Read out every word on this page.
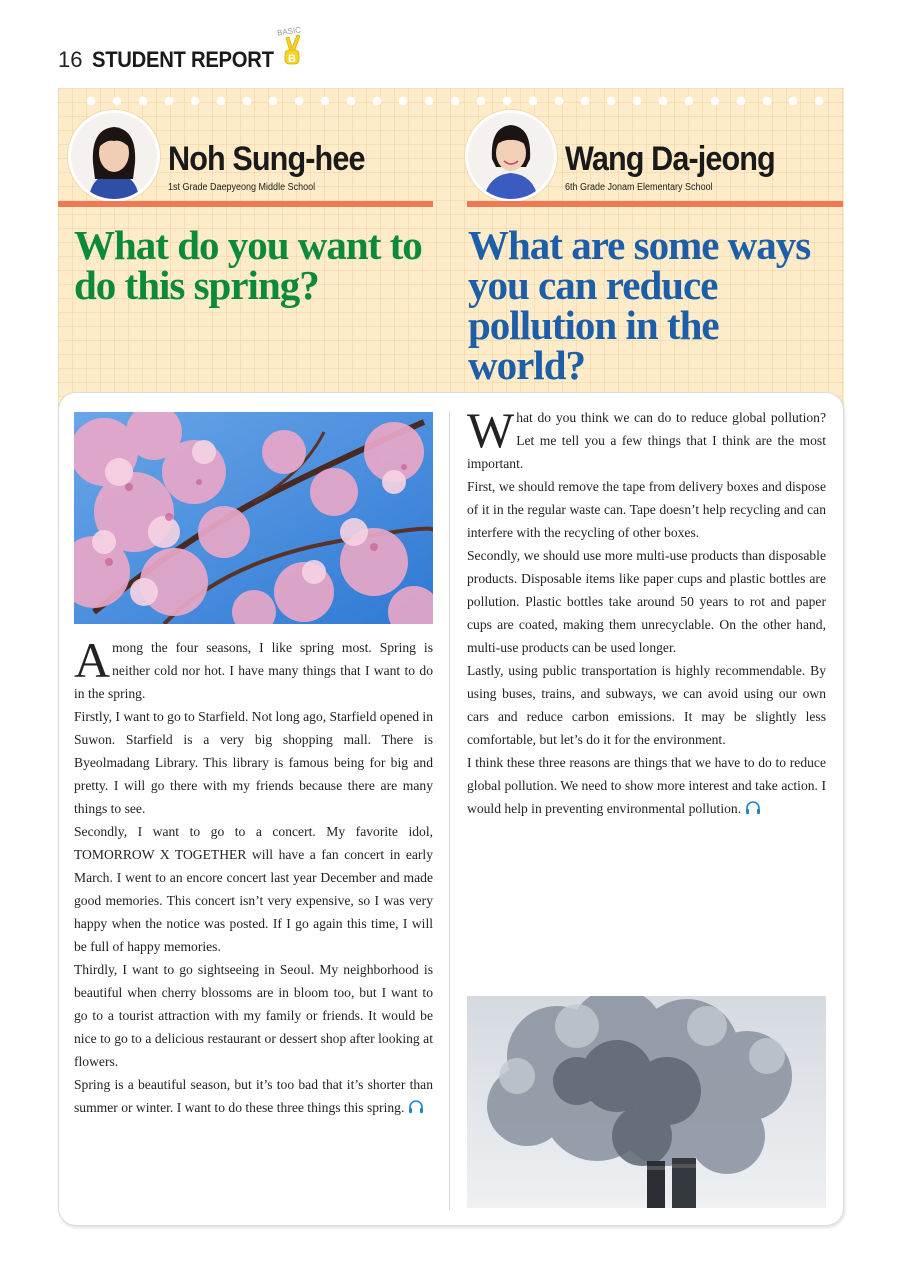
16 STUDENT REPORT
BASIC
B
Noh Sung-hee
1st Grade Daepyeong Middle School
Wang Da-jeong
6th Grade Jonam Elementary School
What do you want to do this spring?
What are some ways you can reduce pollution in the world?

Among the four seasons, I like spring most. Spring is neither cold nor hot. I have many things that I want to do in the spring.

Firstly, I want to go to Starfield. Not long ago, Starfield opened in Suwon. Starfield is a very big shopping mall. There is Byeolmadang Library. This library is famous being for big and pretty. I will go there with my friends because there are many things to see.

Secondly, I want to go to a concert. My favorite idol, TOMORROW X TOGETHER will have a fan concert in early March. I went to an encore concert last year December and made good memories. This concert isn’t very expensive, so I was very happy when the notice was posted. If I go again this time, I will be full of happy memories.

Thirdly, I want to go sightseeing in Seoul. My neighborhood is beautiful when cherry blossoms are in bloom too, but I want to go to a tourist attraction with my family or friends. It would be nice to go to a delicious restaurant or dessert shop after looking at flowers.

Spring is a beautiful season, but it’s too bad that it’s shorter than summer or winter. I want to do these three things this spring.

What do you think we can do to reduce global pollution? Let me tell you a few things that I think are the most important.

First, we should remove the tape from delivery boxes and dispose of it in the regular waste can. Tape doesn’t help recycling and can interfere with the recycling of other boxes.

Secondly, we should use more multi-use products than disposable products. Disposable items like paper cups and plastic bottles are pollution. Plastic bottles take around 50 years to rot and paper cups are coated, making them unrecyclable. On the other hand, multi-use products can be used longer.

Lastly, using public transportation is highly recommendable. By using buses, trains, and subways, we can avoid using our own cars and reduce carbon emissions. It may be slightly less comfortable, but let’s do it for the environment.

I think these three reasons are things that we have to do to reduce global pollution. We need to show more interest and take action. I would help in preventing environmental pollution.
